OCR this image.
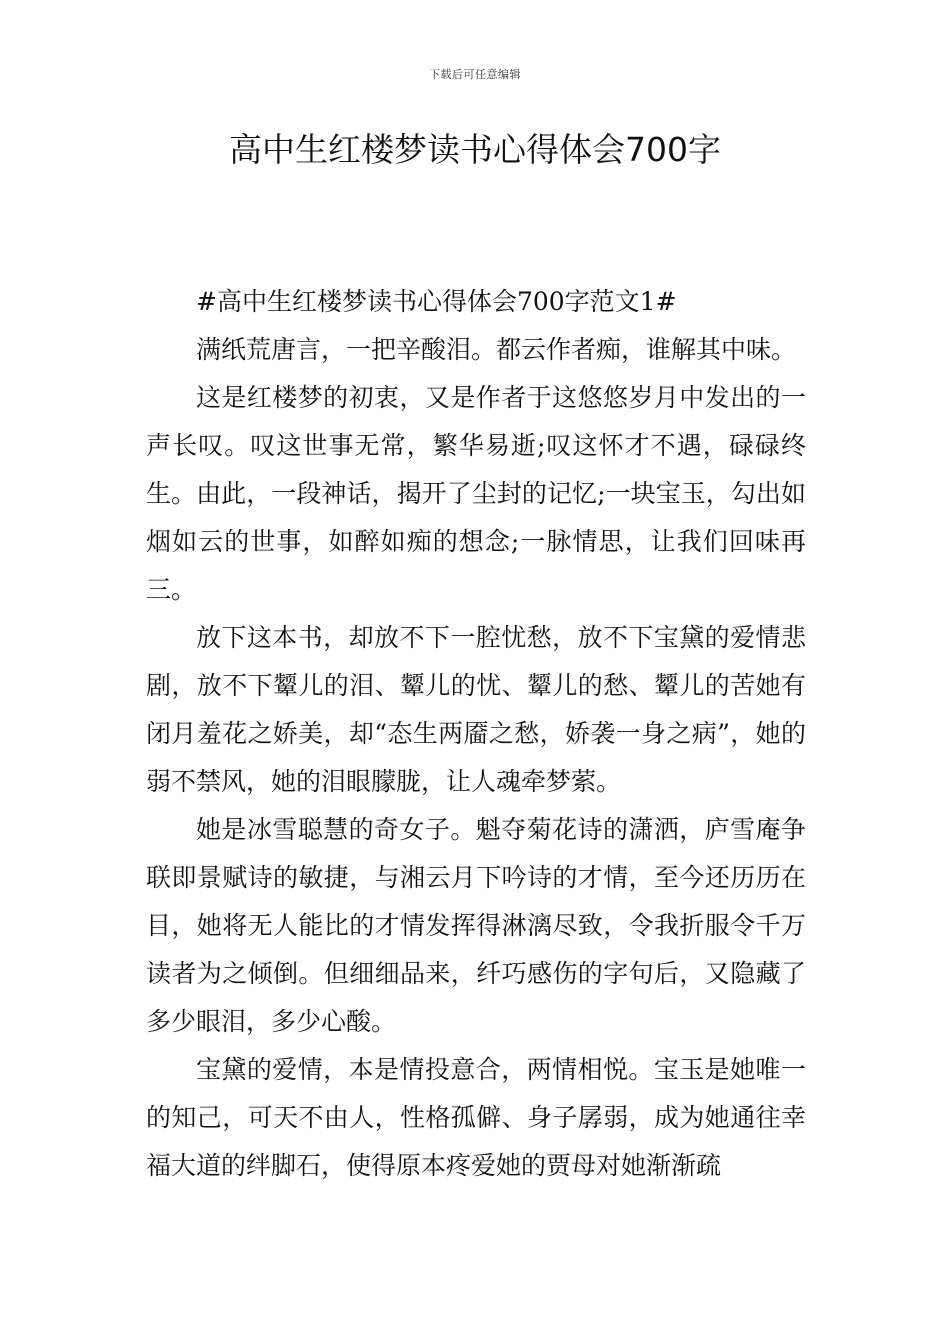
下载后可任意编辑
高中生红楼梦读书心得体会700字

#高中生红楼梦读书心得体会700字范文1#

满纸荒唐言，一把辛酸泪。都云作者痴，谁解其中味。

这是红楼梦的初衷，又是作者于这悠悠岁月中发出的一声长叹。叹这世事无常，繁华易逝;叹这怀才不遇，碌碌终生。由此，一段神话，揭开了尘封的记忆;一块宝玉，勾出如烟如云的世事，如醉如痴的想念;一脉情思，让我们回味再三。

放下这本书，却放不下一腔忧愁，放不下宝黛的爱情悲剧，放不下颦儿的泪、颦儿的忧、颦儿的愁、颦儿的苦她有闭月羞花之娇美，却“态生两靥之愁，娇袭一身之病”，她的弱不禁风，她的泪眼朦胧，让人魂牵梦萦。

她是冰雪聪慧的奇女子。魁夺菊花诗的潇洒，庐雪庵争联即景赋诗的敏捷，与湘云月下吟诗的才情，至今还历历在目，她将无人能比的才情发挥得淋漓尽致，令我折服令千万读者为之倾倒。但细细品来，纤巧感伤的字句后，又隐藏了多少眼泪，多少心酸。

宝黛的爱情，本是情投意合，两情相悦。宝玉是她唯一的知己，可天不由人，性格孤僻、身子孱弱，成为她通往幸福大道的绊脚石，使得原本疼爱她的贾母对她渐渐疏
